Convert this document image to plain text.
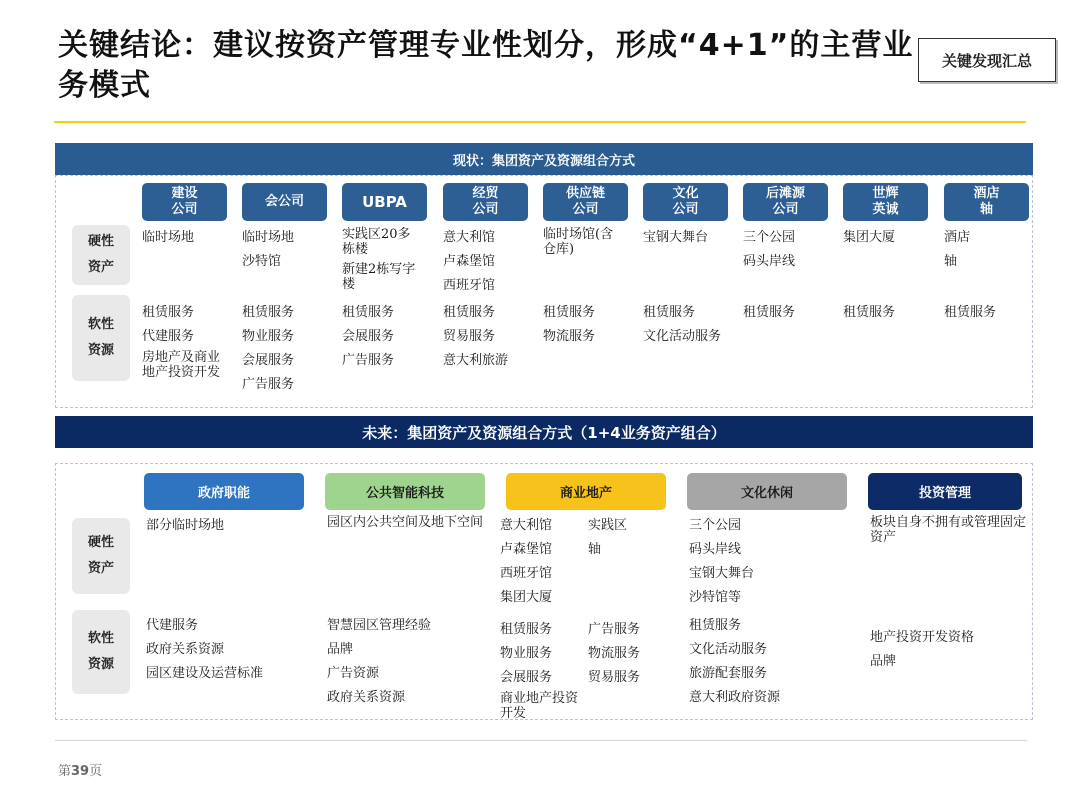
关键结论：建议按资产管理专业性划分，形成“4+1”的主营业务模式
关键发现汇总
现状：集团资产及资源组合方式
硬性
资产
软性
资源
建设
公司
临时场地
租赁服务
代建服务
房地产及商业地产投资开发
会公司
临时场地
沙特馆
租赁服务
物业服务
会展服务
广告服务
UBPA
实践区20多栋楼
新建2栋写字楼
租赁服务
会展服务
广告服务
经贸
公司
意大利馆
卢森堡馆
西班牙馆
租赁服务
贸易服务
意大利旅游
供应链
公司
临时场馆(含仓库)
租赁服务
物流服务
文化
公司
宝钢大舞台
租赁服务
文化活动服务
后滩源
公司
三个公园
码头岸线
租赁服务
世辉
英诚
集团大厦
租赁服务
酒店
轴
酒店
轴
租赁服务
未来：集团资产及资源组合方式（1+4业务资产组合）
硬性
资产
软性
资源
政府职能
部分临时场地
代建服务
政府关系资源
园区建设及运营标准
公共智能科技
园区内公共空间及地下空间
智慧园区管理经验
品牌
广告资源
政府关系资源
商业地产
意大利馆
卢森堡馆
西班牙馆
集团大厦
实践区
轴
租赁服务
物业服务
会展服务
商业地产投资开发
广告服务
物流服务
贸易服务
文化休闲
三个公园
码头岸线
宝钢大舞台
沙特馆等
租赁服务
文化活动服务
旅游配套服务
意大利政府资源
投资管理
板块自身不拥有或管理固定资产
地产投资开发资格
品牌
第39页
